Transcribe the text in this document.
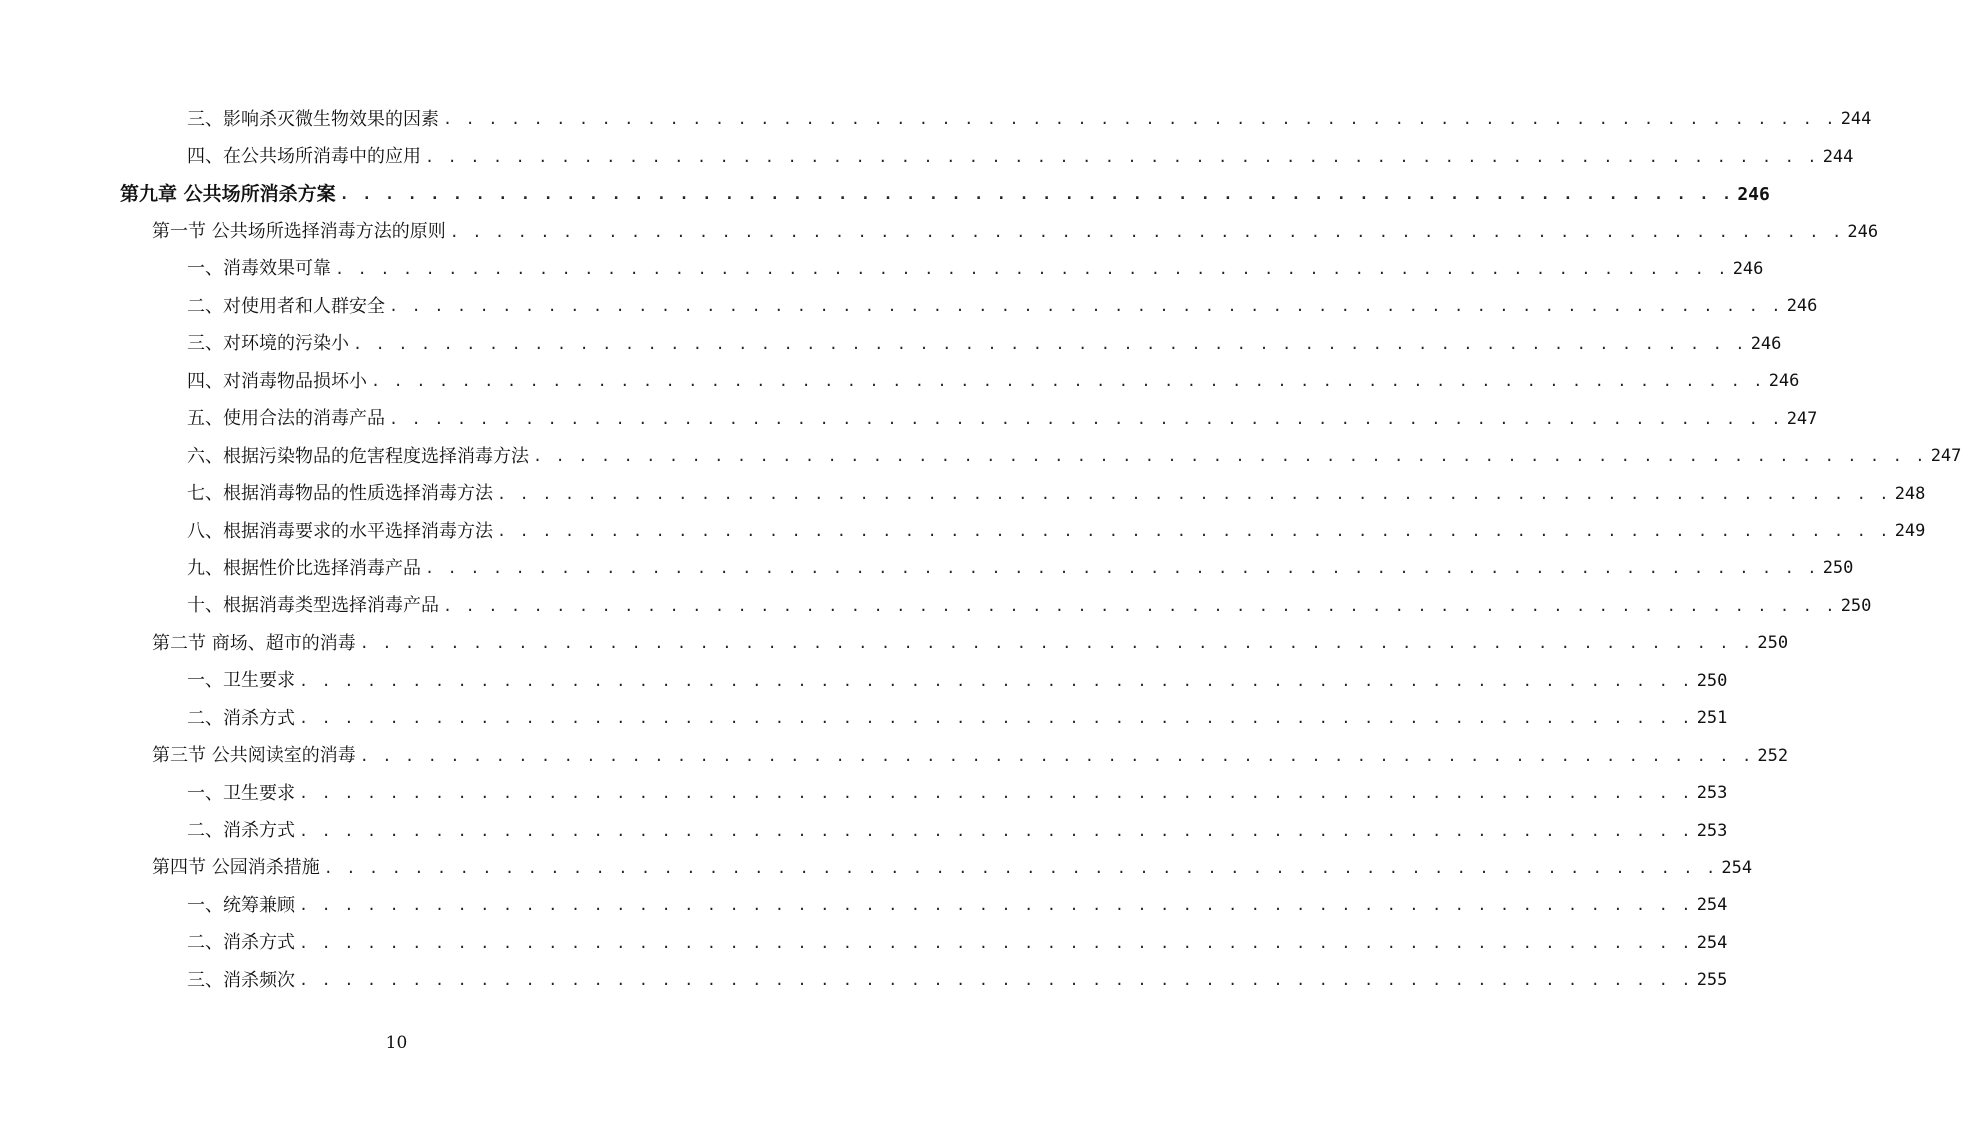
三、影响杀灭微生物效果的因素 . . . . . . . . . . . . . . . . . . . . . . . . . . . . . . . . . . . . . . . . . . . . . . . . . . . . . . . . . . . . . . 244
四、在公共场所消毒中的应用 . . . . . . . . . . . . . . . . . . . . . . . . . . . . . . . . . . . . . . . . . . . . . . . . . . . . . . . . . . . . . . 244
第九章 公共场所消杀方案 . . . . . . . . . . . . . . . . . . . . . . . . . . . . . . . . . . . . . . . . . . . . . . . . . . . . . . . . . . . . . . 246
第一节 公共场所选择消毒方法的原则 . . . . . . . . . . . . . . . . . . . . . . . . . . . . . . . . . . . . . . . . . . . . . . . . . . . . . . . . . . . . . . 246
一、消毒效果可靠 . . . . . . . . . . . . . . . . . . . . . . . . . . . . . . . . . . . . . . . . . . . . . . . . . . . . . . . . . . . . . . 246
二、对使用者和人群安全 . . . . . . . . . . . . . . . . . . . . . . . . . . . . . . . . . . . . . . . . . . . . . . . . . . . . . . . . . . . . . . 246
三、对环境的污染小 . . . . . . . . . . . . . . . . . . . . . . . . . . . . . . . . . . . . . . . . . . . . . . . . . . . . . . . . . . . . . . 246
四、对消毒物品损坏小 . . . . . . . . . . . . . . . . . . . . . . . . . . . . . . . . . . . . . . . . . . . . . . . . . . . . . . . . . . . . . . 246
五、使用合法的消毒产品 . . . . . . . . . . . . . . . . . . . . . . . . . . . . . . . . . . . . . . . . . . . . . . . . . . . . . . . . . . . . . . 247
六、根据污染物品的危害程度选择消毒方法 . . . . . . . . . . . . . . . . . . . . . . . . . . . . . . . . . . . . . . . . . . . . . . . . . . . . . . . . . . . . . . 247
七、根据消毒物品的性质选择消毒方法 . . . . . . . . . . . . . . . . . . . . . . . . . . . . . . . . . . . . . . . . . . . . . . . . . . . . . . . . . . . . . . 248
八、根据消毒要求的水平选择消毒方法 . . . . . . . . . . . . . . . . . . . . . . . . . . . . . . . . . . . . . . . . . . . . . . . . . . . . . . . . . . . . . . 249
九、根据性价比选择消毒产品 . . . . . . . . . . . . . . . . . . . . . . . . . . . . . . . . . . . . . . . . . . . . . . . . . . . . . . . . . . . . . . 250
十、根据消毒类型选择消毒产品 . . . . . . . . . . . . . . . . . . . . . . . . . . . . . . . . . . . . . . . . . . . . . . . . . . . . . . . . . . . . . . 250
第二节 商场、超市的消毒 . . . . . . . . . . . . . . . . . . . . . . . . . . . . . . . . . . . . . . . . . . . . . . . . . . . . . . . . . . . . . . 250
一、卫生要求 . . . . . . . . . . . . . . . . . . . . . . . . . . . . . . . . . . . . . . . . . . . . . . . . . . . . . . . . . . . . . . 250
二、消杀方式 . . . . . . . . . . . . . . . . . . . . . . . . . . . . . . . . . . . . . . . . . . . . . . . . . . . . . . . . . . . . . . 251
第三节 公共阅读室的消毒 . . . . . . . . . . . . . . . . . . . . . . . . . . . . . . . . . . . . . . . . . . . . . . . . . . . . . . . . . . . . . . 252
一、卫生要求 . . . . . . . . . . . . . . . . . . . . . . . . . . . . . . . . . . . . . . . . . . . . . . . . . . . . . . . . . . . . . . 253
二、消杀方式 . . . . . . . . . . . . . . . . . . . . . . . . . . . . . . . . . . . . . . . . . . . . . . . . . . . . . . . . . . . . . . 253
第四节 公园消杀措施 . . . . . . . . . . . . . . . . . . . . . . . . . . . . . . . . . . . . . . . . . . . . . . . . . . . . . . . . . . . . . . 254
一、统筹兼顾 . . . . . . . . . . . . . . . . . . . . . . . . . . . . . . . . . . . . . . . . . . . . . . . . . . . . . . . . . . . . . . 254
二、消杀方式 . . . . . . . . . . . . . . . . . . . . . . . . . . . . . . . . . . . . . . . . . . . . . . . . . . . . . . . . . . . . . . 254
三、消杀频次 . . . . . . . . . . . . . . . . . . . . . . . . . . . . . . . . . . . . . . . . . . . . . . . . . . . . . . . . . . . . . . 255
10
